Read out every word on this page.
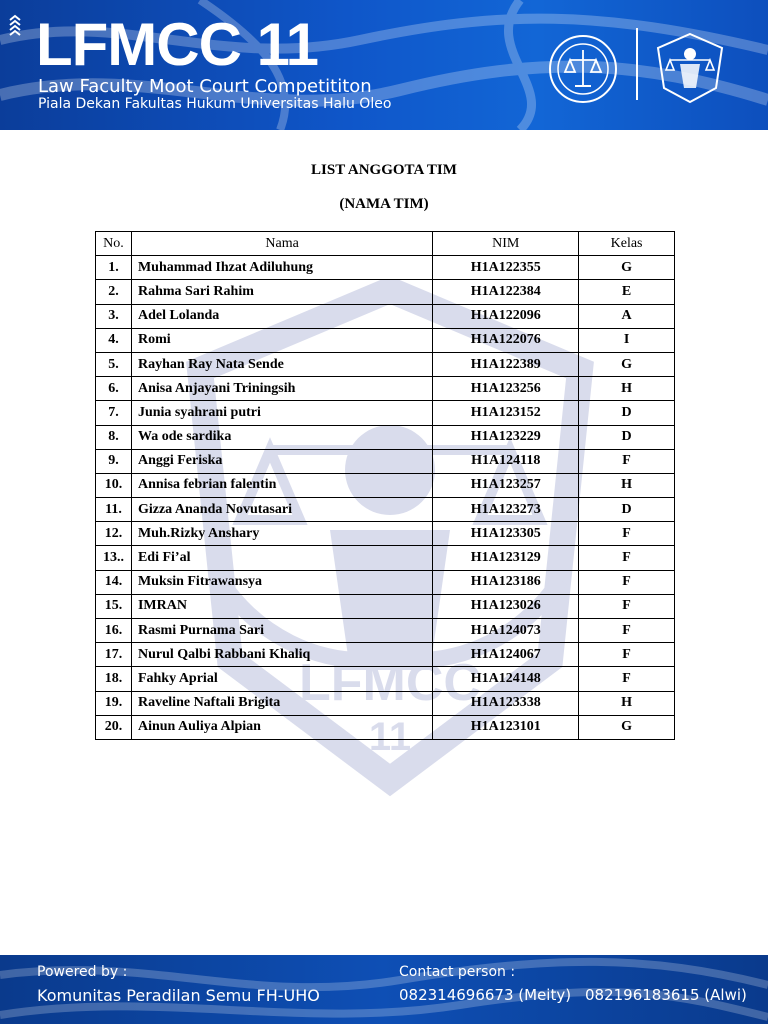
LFMCC 11
Law Faculty Moot Court Competititon
Piala Dekan Fakultas Hukum Universitas Halu Oleo
LFMCC
11
LIST ANGGOTA TIM
(NAMA TIM)
No.	Nama	NIM	Kelas
1.	Muhammad Ihzat Adiluhung	H1A122355	G
2.	Rahma Sari Rahim	H1A122384	E
3.	Adel Lolanda	H1A122096	A
4.	Romi	H1A122076	I
5.	Rayhan Ray Nata Sende	H1A122389	G
6.	Anisa Anjayani Triningsih	H1A123256	H
7.	Junia syahrani putri	H1A123152	D
8.	Wa ode sardika	H1A123229	D
9.	Anggi Feriska	H1A124118	F
10.	Annisa febrian falentin	H1A123257	H
11.	Gizza Ananda Novutasari	H1A123273	D
12.	Muh.Rizky Anshary	H1A123305	F
13..	Edi Fi’al	H1A123129	F
14.	Muksin Fitrawansya	H1A123186	F
15.	IMRAN	H1A123026	F
16.	Rasmi Purnama Sari	H1A124073	F
17.	Nurul Qalbi Rabbani Khaliq	H1A124067	F
18.	Fahky Aprial	H1A124148	F
19.	Raveline Naftali Brigita	H1A123338	H
20.	Ainun Auliya Alpian	H1A123101	G
Powered by :
Komunitas Peradilan Semu FH-UHO
Contact person :
082314696673 (Meity) 082196183615 (Alwi)
